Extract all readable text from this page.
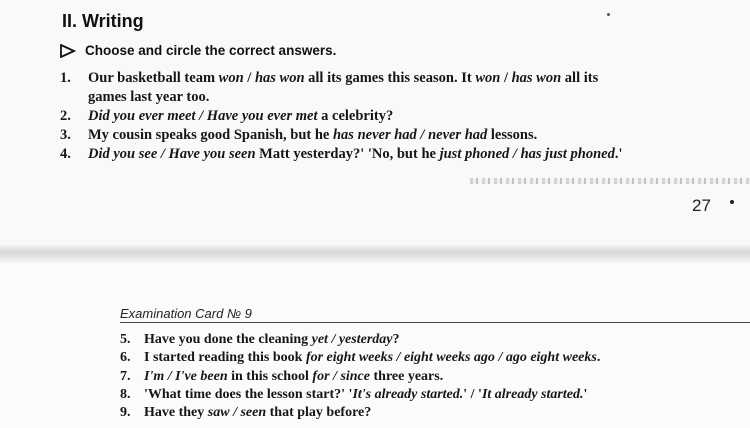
II. Writing
Choose and circle the correct answers.
1. Our basketball team won / has won all its games this season. It won / has won all its
games last year too.
2. Did you ever meet / Have you ever met a celebrity?
3. My cousin speaks good Spanish, but he has never had / never had lessons.
4. Did you see / Have you seen Matt yesterday?' 'No, but he just phoned / has just phoned.'
27
Examination Card № 9
5. Have you done the cleaning yet / yesterday?
6. I started reading this book for eight weeks / eight weeks ago / ago eight weeks.
7. I'm / I've been in this school for / since three years.
8. 'What time does the lesson start?' 'It's already started.' / 'It already started.'
9. Have they saw / seen that play before?
